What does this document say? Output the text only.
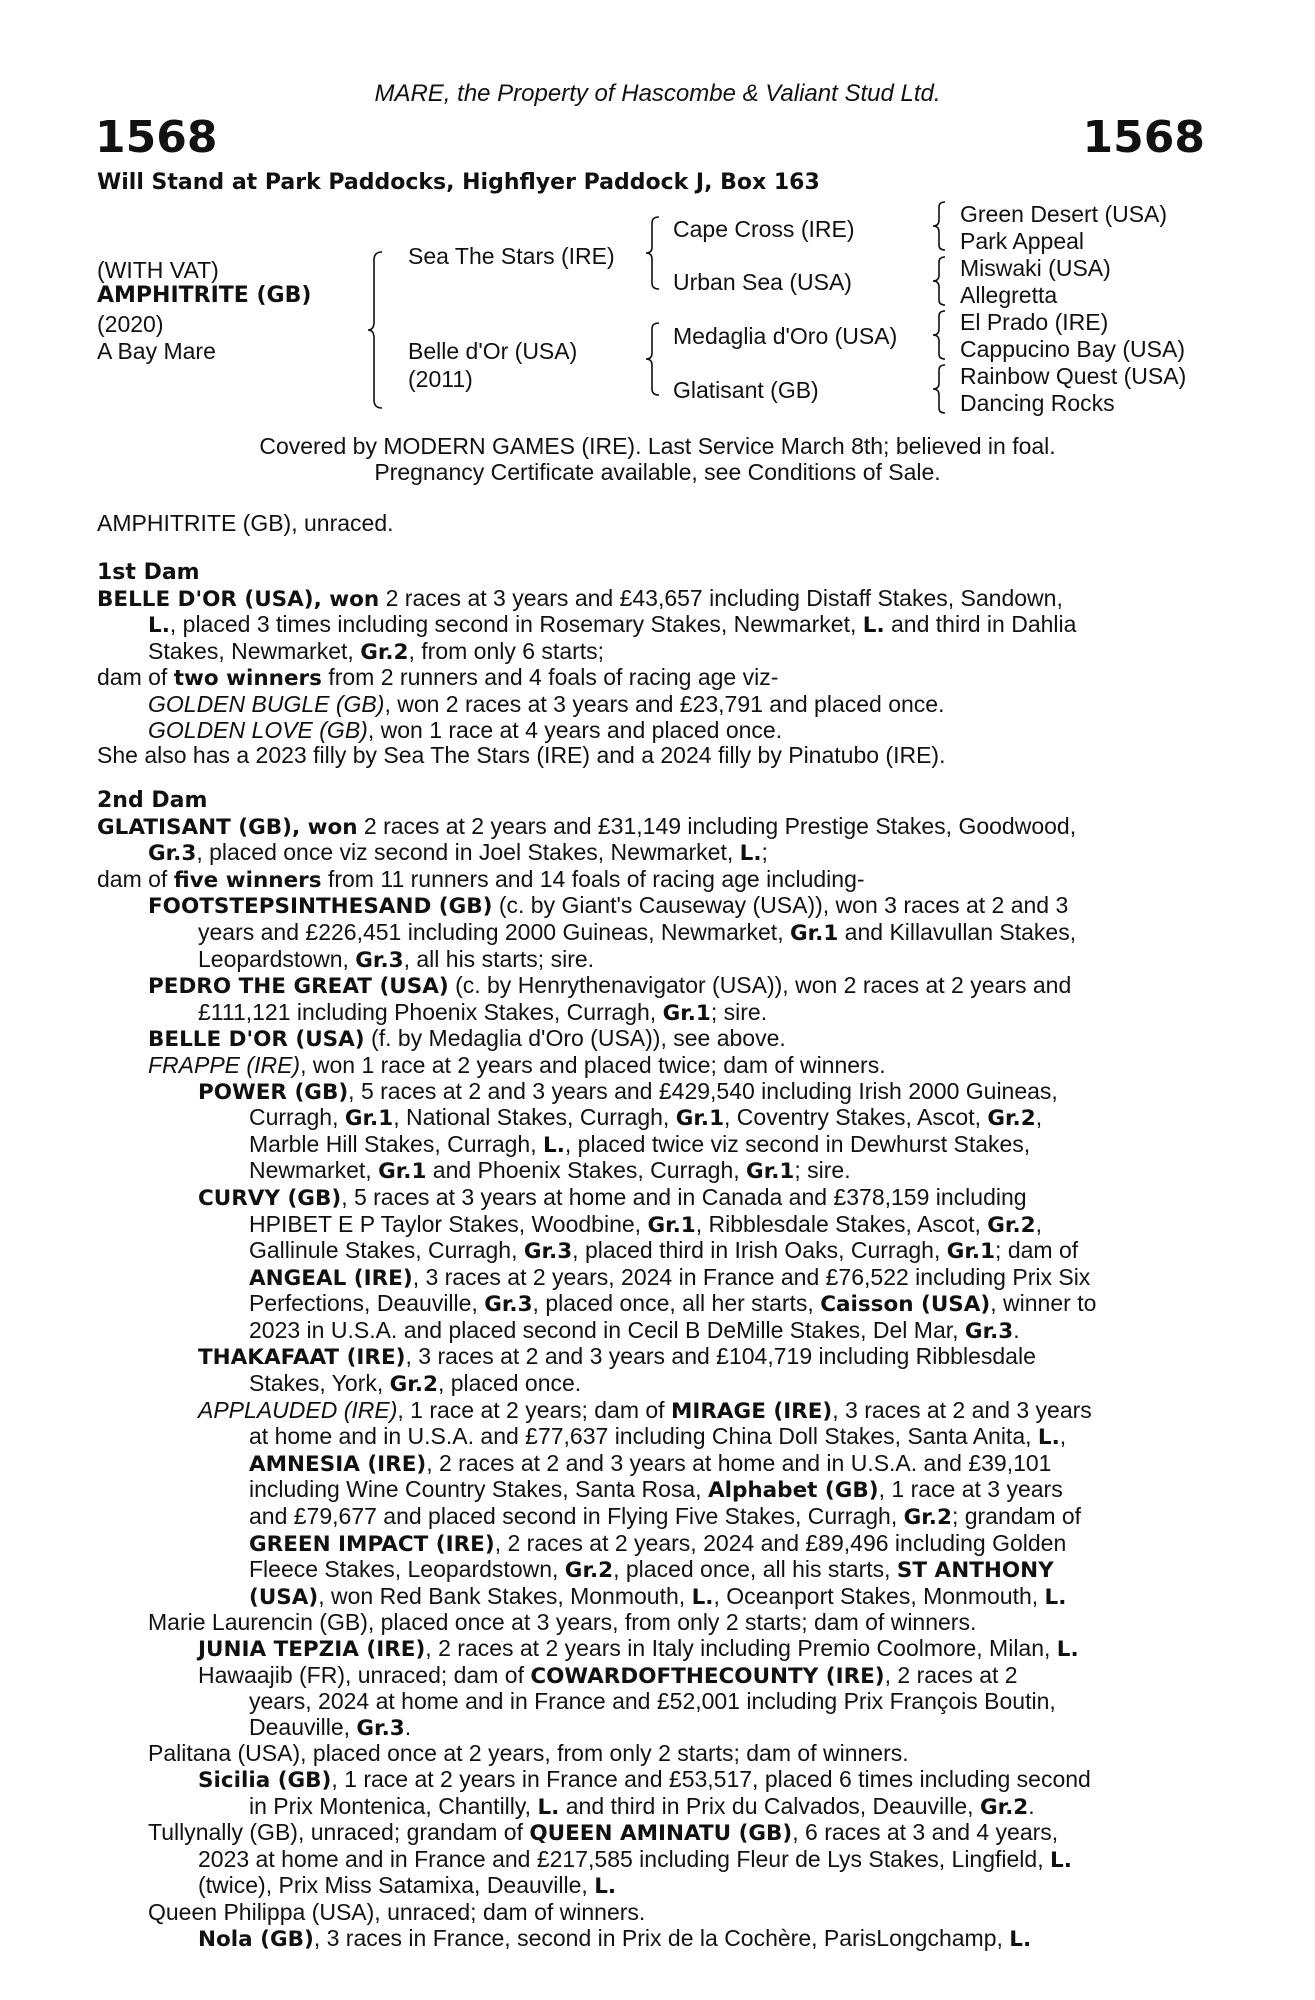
MARE, the Property of Hascombe & Valiant Stud Ltd.
1568	1568
Will Stand at Park Paddocks, Highflyer Paddock J, Box 163
(WITH VAT)
AMPHITRITE (GB)
(2020)
A Bay Mare
Sea The Stars (IRE)
Belle d'Or (USA)
(2011)
Cape Cross (IRE)
Urban Sea (USA)
Medaglia d'Oro (USA)
Glatisant (GB)
Green Desert (USA)
Park Appeal
Miswaki (USA)
Allegretta
El Prado (IRE)
Cappucino Bay (USA)
Rainbow Quest (USA)
Dancing Rocks
Covered by MODERN GAMES (IRE). Last Service March 8th; believed in foal.
Pregnancy Certificate available, see Conditions of Sale.
AMPHITRITE (GB), unraced.
1st Dam
BELLE D'OR (USA), won 2 races at 3 years and £43,657 including Distaff Stakes, Sandown,
L., placed 3 times including second in Rosemary Stakes, Newmarket, L. and third in Dahlia
Stakes, Newmarket, Gr.2, from only 6 starts;
dam of two winners from 2 runners and 4 foals of racing age viz-
GOLDEN BUGLE (GB), won 2 races at 3 years and £23,791 and placed once.
GOLDEN LOVE (GB), won 1 race at 4 years and placed once.
She also has a 2023 filly by Sea The Stars (IRE) and a 2024 filly by Pinatubo (IRE).
2nd Dam
GLATISANT (GB), won 2 races at 2 years and £31,149 including Prestige Stakes, Goodwood,
Gr.3, placed once viz second in Joel Stakes, Newmarket, L.;
dam of five winners from 11 runners and 14 foals of racing age including-
FOOTSTEPSINTHESAND (GB) (c. by Giant's Causeway (USA)), won 3 races at 2 and 3
years and £226,451 including 2000 Guineas, Newmarket, Gr.1 and Killavullan Stakes,
Leopardstown, Gr.3, all his starts; sire.
PEDRO THE GREAT (USA) (c. by Henrythenavigator (USA)), won 2 races at 2 years and
£111,121 including Phoenix Stakes, Curragh, Gr.1; sire.
BELLE D'OR (USA) (f. by Medaglia d'Oro (USA)), see above.
FRAPPE (IRE), won 1 race at 2 years and placed twice; dam of winners.
POWER (GB), 5 races at 2 and 3 years and £429,540 including Irish 2000 Guineas,
Curragh, Gr.1, National Stakes, Curragh, Gr.1, Coventry Stakes, Ascot, Gr.2,
Marble Hill Stakes, Curragh, L., placed twice viz second in Dewhurst Stakes,
Newmarket, Gr.1 and Phoenix Stakes, Curragh, Gr.1; sire.
CURVY (GB), 5 races at 3 years at home and in Canada and £378,159 including
HPIBET E P Taylor Stakes, Woodbine, Gr.1, Ribblesdale Stakes, Ascot, Gr.2,
Gallinule Stakes, Curragh, Gr.3, placed third in Irish Oaks, Curragh, Gr.1; dam of
ANGEAL (IRE), 3 races at 2 years, 2024 in France and £76,522 including Prix Six
Perfections, Deauville, Gr.3, placed once, all her starts, Caisson (USA), winner to
2023 in U.S.A. and placed second in Cecil B DeMille Stakes, Del Mar, Gr.3.
THAKAFAAT (IRE), 3 races at 2 and 3 years and £104,719 including Ribblesdale
Stakes, York, Gr.2, placed once.
APPLAUDED (IRE), 1 race at 2 years; dam of MIRAGE (IRE), 3 races at 2 and 3 years
at home and in U.S.A. and £77,637 including China Doll Stakes, Santa Anita, L.,
AMNESIA (IRE), 2 races at 2 and 3 years at home and in U.S.A. and £39,101
including Wine Country Stakes, Santa Rosa, Alphabet (GB), 1 race at 3 years
and £79,677 and placed second in Flying Five Stakes, Curragh, Gr.2; grandam of
GREEN IMPACT (IRE), 2 races at 2 years, 2024 and £89,496 including Golden
Fleece Stakes, Leopardstown, Gr.2, placed once, all his starts, ST ANTHONY
(USA), won Red Bank Stakes, Monmouth, L., Oceanport Stakes, Monmouth, L.
Marie Laurencin (GB), placed once at 3 years, from only 2 starts; dam of winners.
JUNIA TEPZIA (IRE), 2 races at 2 years in Italy including Premio Coolmore, Milan, L.
Hawaajib (FR), unraced; dam of COWARDOFTHECOUNTY (IRE), 2 races at 2
years, 2024 at home and in France and £52,001 including Prix François Boutin,
Deauville, Gr.3.
Palitana (USA), placed once at 2 years, from only 2 starts; dam of winners.
Sicilia (GB), 1 race at 2 years in France and £53,517, placed 6 times including second
in Prix Montenica, Chantilly, L. and third in Prix du Calvados, Deauville, Gr.2.
Tullynally (GB), unraced; grandam of QUEEN AMINATU (GB), 6 races at 3 and 4 years,
2023 at home and in France and £217,585 including Fleur de Lys Stakes, Lingfield, L.
(twice), Prix Miss Satamixa, Deauville, L.
Queen Philippa (USA), unraced; dam of winners.
Nola (GB), 3 races in France, second in Prix de la Cochère, ParisLongchamp, L.
